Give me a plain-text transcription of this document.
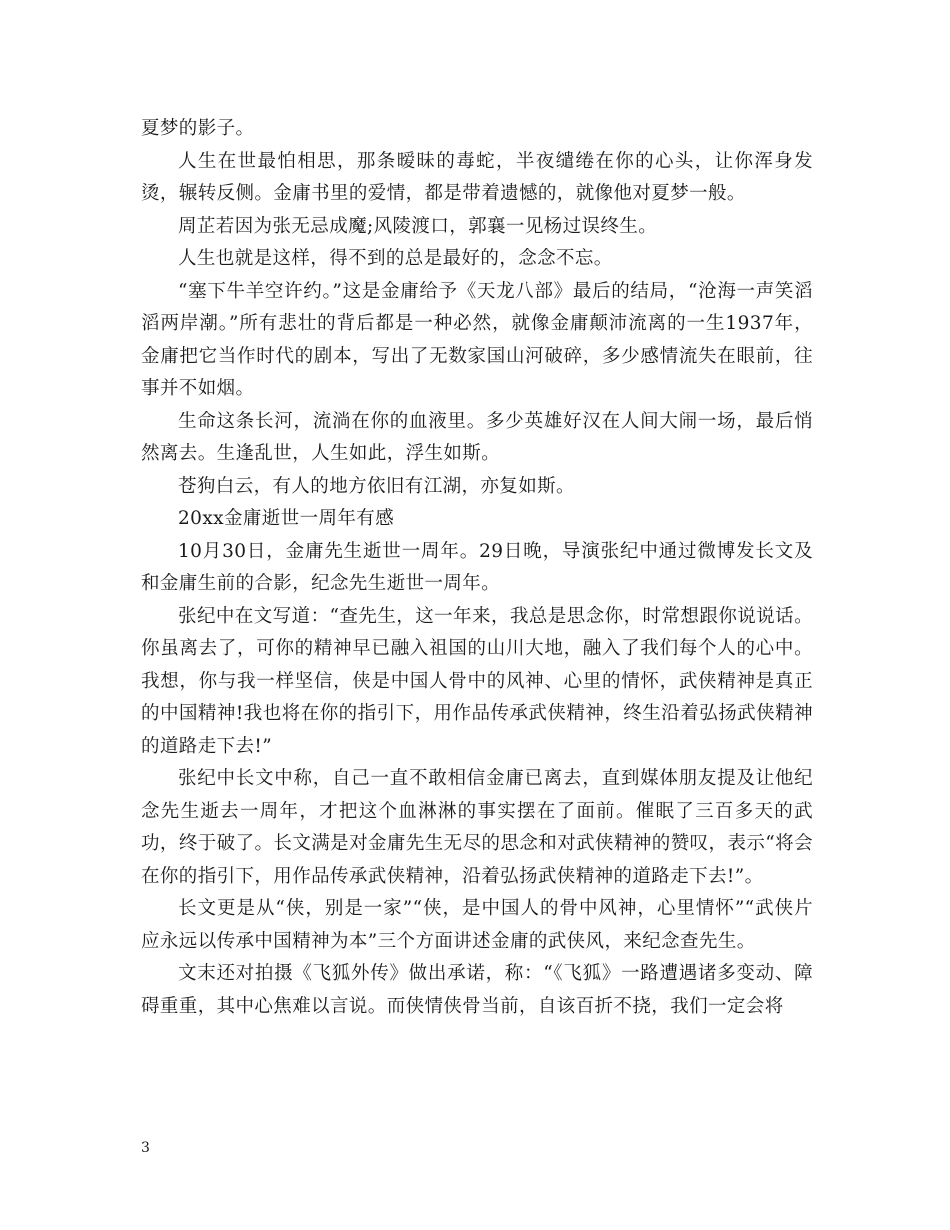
夏梦的影子。

人生在世最怕相思，那条暧昧的毒蛇，半夜缱绻在你的心头，让你浑身发烫，辗转反侧。金庸书里的爱情，都是带着遗憾的，就像他对夏梦一般。

周芷若因为张无忌成魔;风陵渡口，郭襄一见杨过误终生。

人生也就是这样，得不到的总是最好的，念念不忘。

“塞下牛羊空许约。”这是金庸给予《天龙八部》最后的结局，“沧海一声笑滔滔两岸潮。”所有悲壮的背后都是一种必然，就像金庸颠沛流离的一生1937年，金庸把它当作时代的剧本，写出了无数家国山河破碎，多少感情流失在眼前，往事并不如烟。

生命这条长河，流淌在你的血液里。多少英雄好汉在人间大闹一场，最后悄然离去。生逢乱世，人生如此，浮生如斯。

苍狗白云，有人的地方依旧有江湖，亦复如斯。

20xx金庸逝世一周年有感

10月30日，金庸先生逝世一周年。29日晚，导演张纪中通过微博发长文及和金庸生前的合影，纪念先生逝世一周年。

张纪中在文写道：“查先生，这一年来，我总是思念你，时常想跟你说说话。你虽离去了，可你的精神早已融入祖国的山川大地，融入了我们每个人的心中。我想，你与我一样坚信，侠是中国人骨中的风神、心里的情怀，武侠精神是真正的中国精神!我也将在你的指引下，用作品传承武侠精神，终生沿着弘扬武侠精神的道路走下去!”

张纪中长文中称，自己一直不敢相信金庸已离去，直到媒体朋友提及让他纪念先生逝去一周年，才把这个血淋淋的事实摆在了面前。催眠了三百多天的武功，终于破了。长文满是对金庸先生无尽的思念和对武侠精神的赞叹，表示“将会在你的指引下，用作品传承武侠精神，沿着弘扬武侠精神的道路走下去!”。

长文更是从“侠，别是一家”“侠，是中国人的骨中风神，心里情怀”“武侠片应永远以传承中国精神为本”三个方面讲述金庸的武侠风，来纪念查先生。

文末还对拍摄《飞狐外传》做出承诺，称：“《飞狐》一路遭遇诸多变动、障碍重重，其中心焦难以言说。而侠情侠骨当前，自该百折不挠，我们一定会将

3
